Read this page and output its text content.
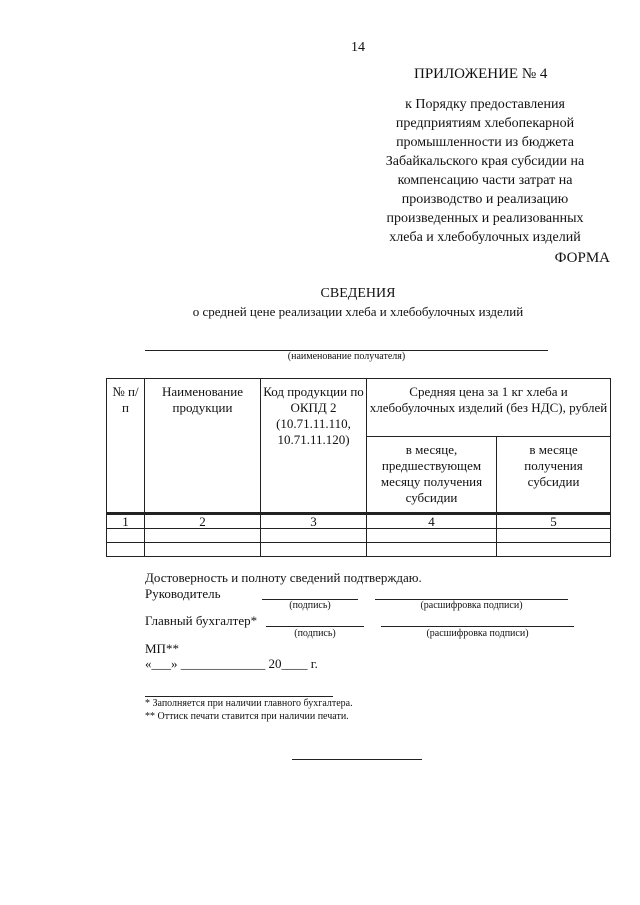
14
ПРИЛОЖЕНИЕ № 4
к Порядку предоставления
предприятиям хлебопекарной
промышленности из бюджета
Забайкальского края субсидии на
компенсацию части затрат на
производство и реализацию
произведенных и реализованных
хлеба и хлебобулочных изделий
ФОРМА
СВЕДЕНИЯ
о средней цене реализации хлеба и хлебобулочных изделий
(наименование получателя)
№ п/п	Наименование продукции	Код продукции по ОКПД 2 (10.71.11.110, 10.71.11.120)	Средняя цена за 1 кг хлеба и хлебобулочных изделий (без НДС), рублей	
			в месяце, предшествующем месяцу получения субсидии	в месяце получения субсидии

1	2	3	4	5

Достоверность и полноту сведений подтверждаю.
Руководитель
(подпись)	(расшифровка подписи)
Главный бухгалтер*
(подпись)	(расшифровка подписи)
МП**
«___» _____________ 20____ г.
* Заполняется при наличии главного бухгалтера.
** Оттиск печати ставится при наличии печати.
